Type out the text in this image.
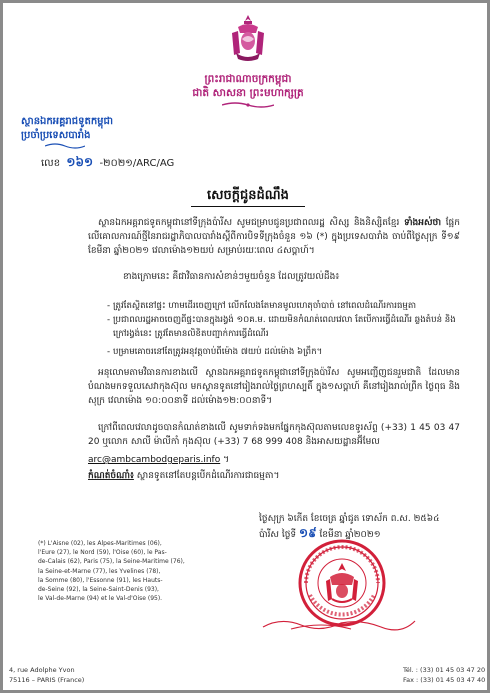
ព្រះរាជាណាចក្រកម្ពុជា
ជាតិ សាសនា ព្រះមហាក្សត្រ
ស្ថានឯកអគ្គរាជទូតកម្ពុជា
ប្រចាំប្រទេសបារាំង
លេខ ១៦១ -២០២១/ARC/AG
សេចក្តីជូនដំណឹង
ស្ថានឯកអគ្គរាជទូតកម្ពុជានៅទីក្រុងប៉ារីស សូមជម្រាបជូនប្រជាពលរដ្ឋ សិស្ស និងនិស្សិតខ្មែរ ទាំងអស់ថា ផ្អែកលើគោលការណ៍ថ្មីនៃរាជរដ្ឋាភិបាលបារាំងស្តីពីការបិទទីក្រុងចំនួន ១៦ (*) ក្នុងប្រទេសបារាំង ចាប់ពីថ្ងៃសុក្រ ទី១៩ ខែមីនា ឆ្នាំ២០២១ វេលាម៉ោង១២យប់ សម្រាប់រយៈពេល ៤សប្តាហ៍។
ខាងក្រោមនេះ គឺជាវិធានការសំខាន់ៗមួយចំនួន ដែលត្រូវយល់ដឹង៖
- ត្រូវតែស្ថិតនៅផ្ទះ ហាមដើរចេញក្រៅ លើកលែងតែមានមូលហេតុចាំបាច់ នៅពេលដំណើរការធម្មតា
- ប្រជាពលរដ្ឋអាចចេញពីផ្ទះបានក្នុងរង្វង់ ១០គ.ម. ដោយមិនកំណត់ពេលវេលា តែបើការធ្វើដំណើរ ឆ្លងតំបន់ និងក្រៅរង្វង់នេះ ត្រូវតែមានលិខិតបញ្ជាក់ការធ្វើដំណើរ
- បម្រាមគោចរនៅតែត្រូវអនុវត្តចាប់ពីម៉ោង ៧យប់ ដល់ម៉ោង ៦ព្រឹក។
អនុលោមតាមវិធានការខាងលើ ស្ថានឯកអគ្គរាជទូតកម្ពុជានៅទីក្រុងប៉ារីស សូមអញ្ជើញជនរួមជាតិ ដែលមានបំណងមកទទួលសេវាកុងស៊ុល មកស្ថានទូតនៅរៀងរាល់ថ្ងៃព្រហស្បតិ៍ ក្នុង១សប្តាហ៍ គឺនៅរៀងរាល់ព្រឹក ថ្ងៃពុធ និងសុក្រ វេលាម៉ោង ១០:០០នាទី ដល់ម៉ោង១២:០០នាទី។
ក្រៅពីពេលវេលាដូចបានកំណត់ខាងលើ សូមទាក់ទងមកផ្នែកកុងស៊ុលតាមលេខទូរស័ព្ទ (+33) 1 45 03 47 20 ឬលោក សាលី ម៉ាលីកាំ កុងស៊ុល (+33) 7 68 999 408 និងអាសយដ្ឋានអ៊ីមែល
arc@ambcambodgeparis.info ។
កំណត់ចំណាំ៖ ស្ថានទូតនៅតែបន្តបើកដំណើរការជាធម្មតា។
ថ្ងៃសុក្រ ៦កើត ខែចេត្រ ឆ្នាំជូត ទោស័ក ព.ស. ២៥៦៤
ប៉ារីស ថ្ងៃទី ១៩ ខែមីនា ឆ្នាំ២០២១
(*) L'Aisne (02), les Alpes-Maritimes (06),
l'Eure (27), le Nord (59), l'Oise (60), le Pas-
de-Calais (62), Paris (75), la Seine-Maritime (76),
la Seine-et-Marne (77), les Yvelines (78),
la Somme (80), l'Essonne (91), les Hauts-
de-Seine (92), la Seine-Saint-Denis (93),
le Val-de-Marne (94) et le Val-d'Oise (95).
4, rue Adolphe Yvon
75116 – PARIS (France)
Tél. : (33) 01 45 03 47 20
Fax : (33) 01 45 03 47 40
